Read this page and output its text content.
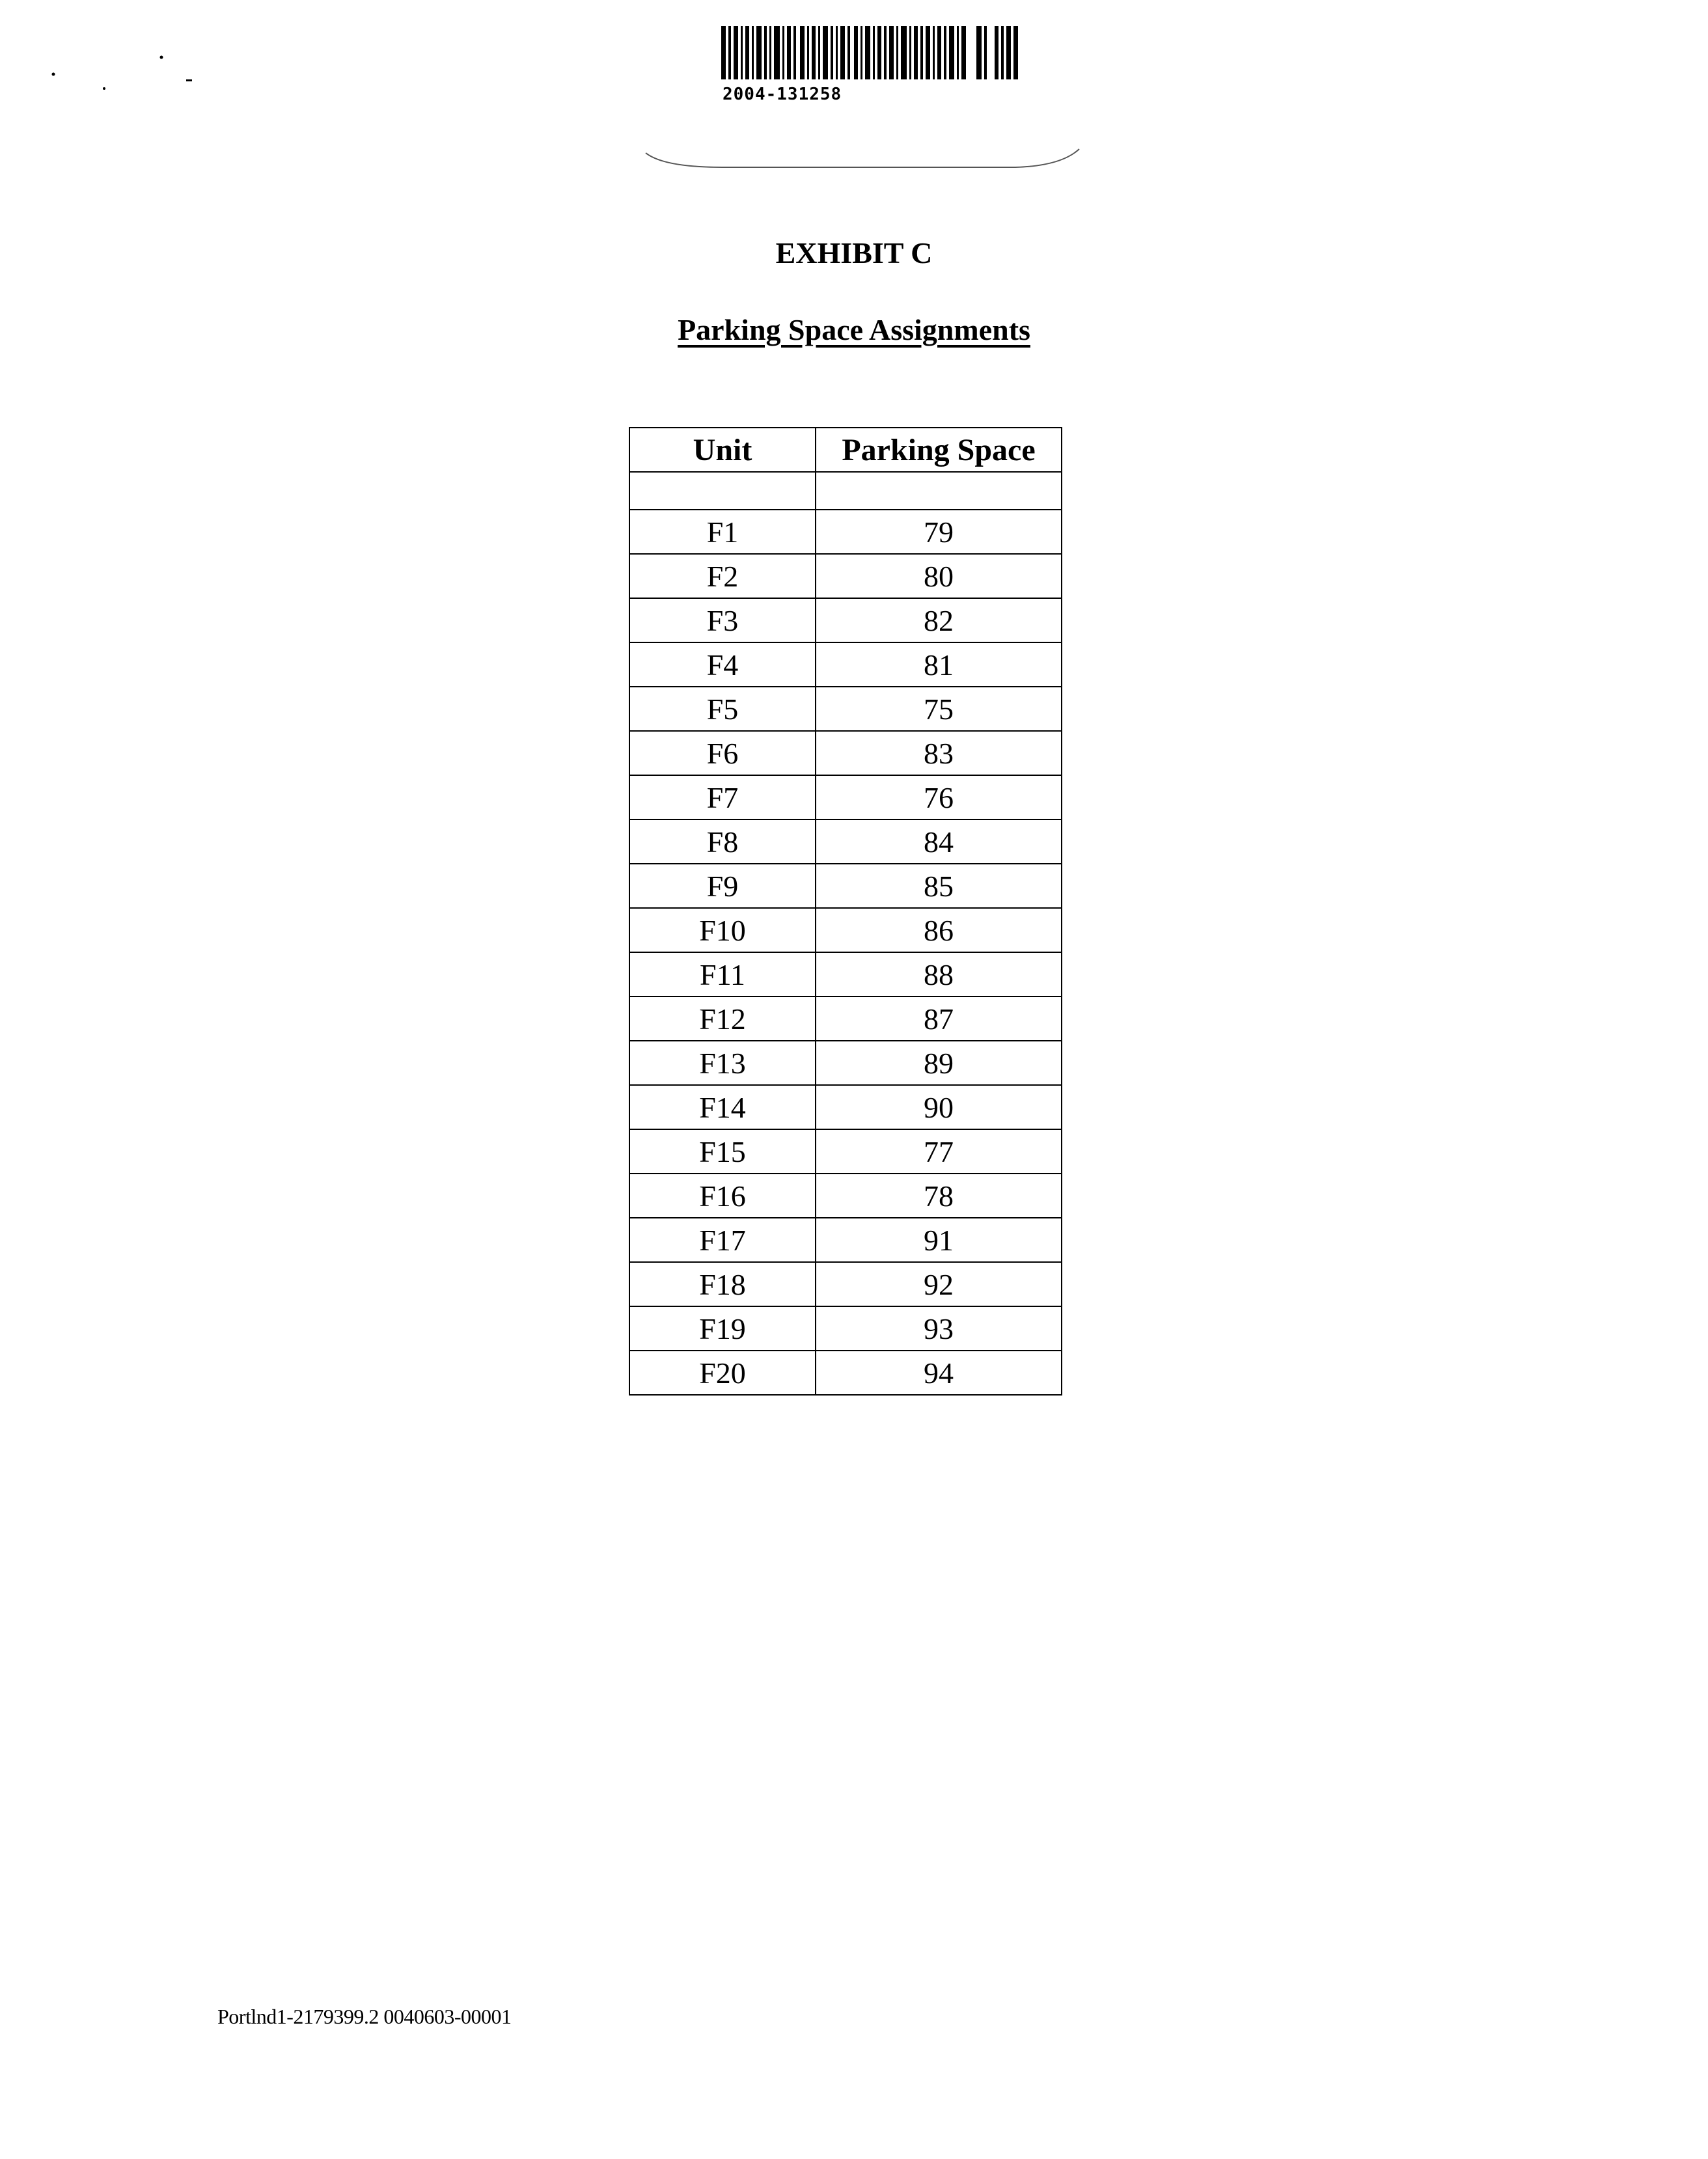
2004-131258
EXHIBIT C
Parking Space Assignments
Unit	Parking Space

F1	79
F2	80
F3	82
F4	81
F5	75
F6	83
F7	76
F8	84
F9	85
F10	86
F11	88
F12	87
F13	89
F14	90
F15	77
F16	78
F17	91
F18	92
F19	93
F20	94
Portlnd1-2179399.2 0040603-00001
